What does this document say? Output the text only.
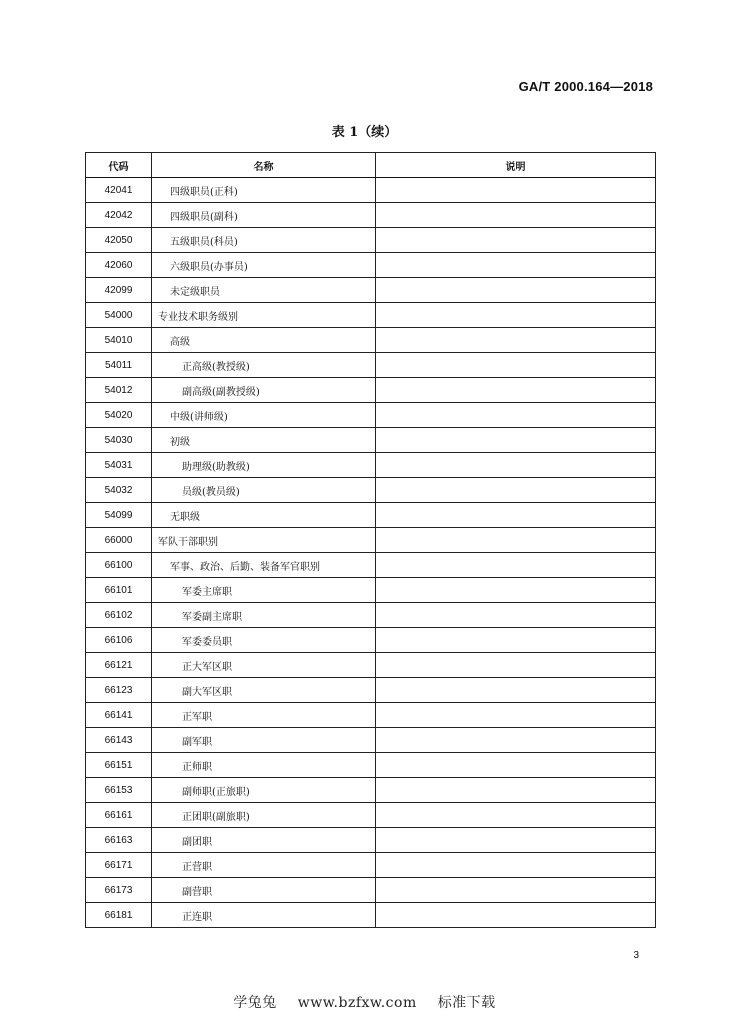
GA/T 2000.164—2018
表 1（续）
代码	名称	说明
42041	四级职员(正科)	
42042	四级职员(副科)	
42050	五级职员(科员)	
42060	六级职员(办事员)	
42099	未定级职员	
54000	专业技术职务级别	
54010	高级	
54011	正高级(教授级)	
54012	副高级(副教授级)	
54020	中级(讲师级)	
54030	初级	
54031	助理级(助教级)	
54032	员级(教员级)	
54099	无职级	
66000	军队干部职别	
66100	军事、政治、后勤、装备军官职别	
66101	军委主席职	
66102	军委副主席职	
66106	军委委员职	
66121	正大军区职	
66123	副大军区职	
66141	正军职	
66143	副军职	
66151	正师职	
66153	副师职(正旅职)	
66161	正团职(副旅职)	
66163	副团职	
66171	正营职	
66173	副营职	
66181	正连职	
3
学兔兔 www.bzfxw.com 标准下载
